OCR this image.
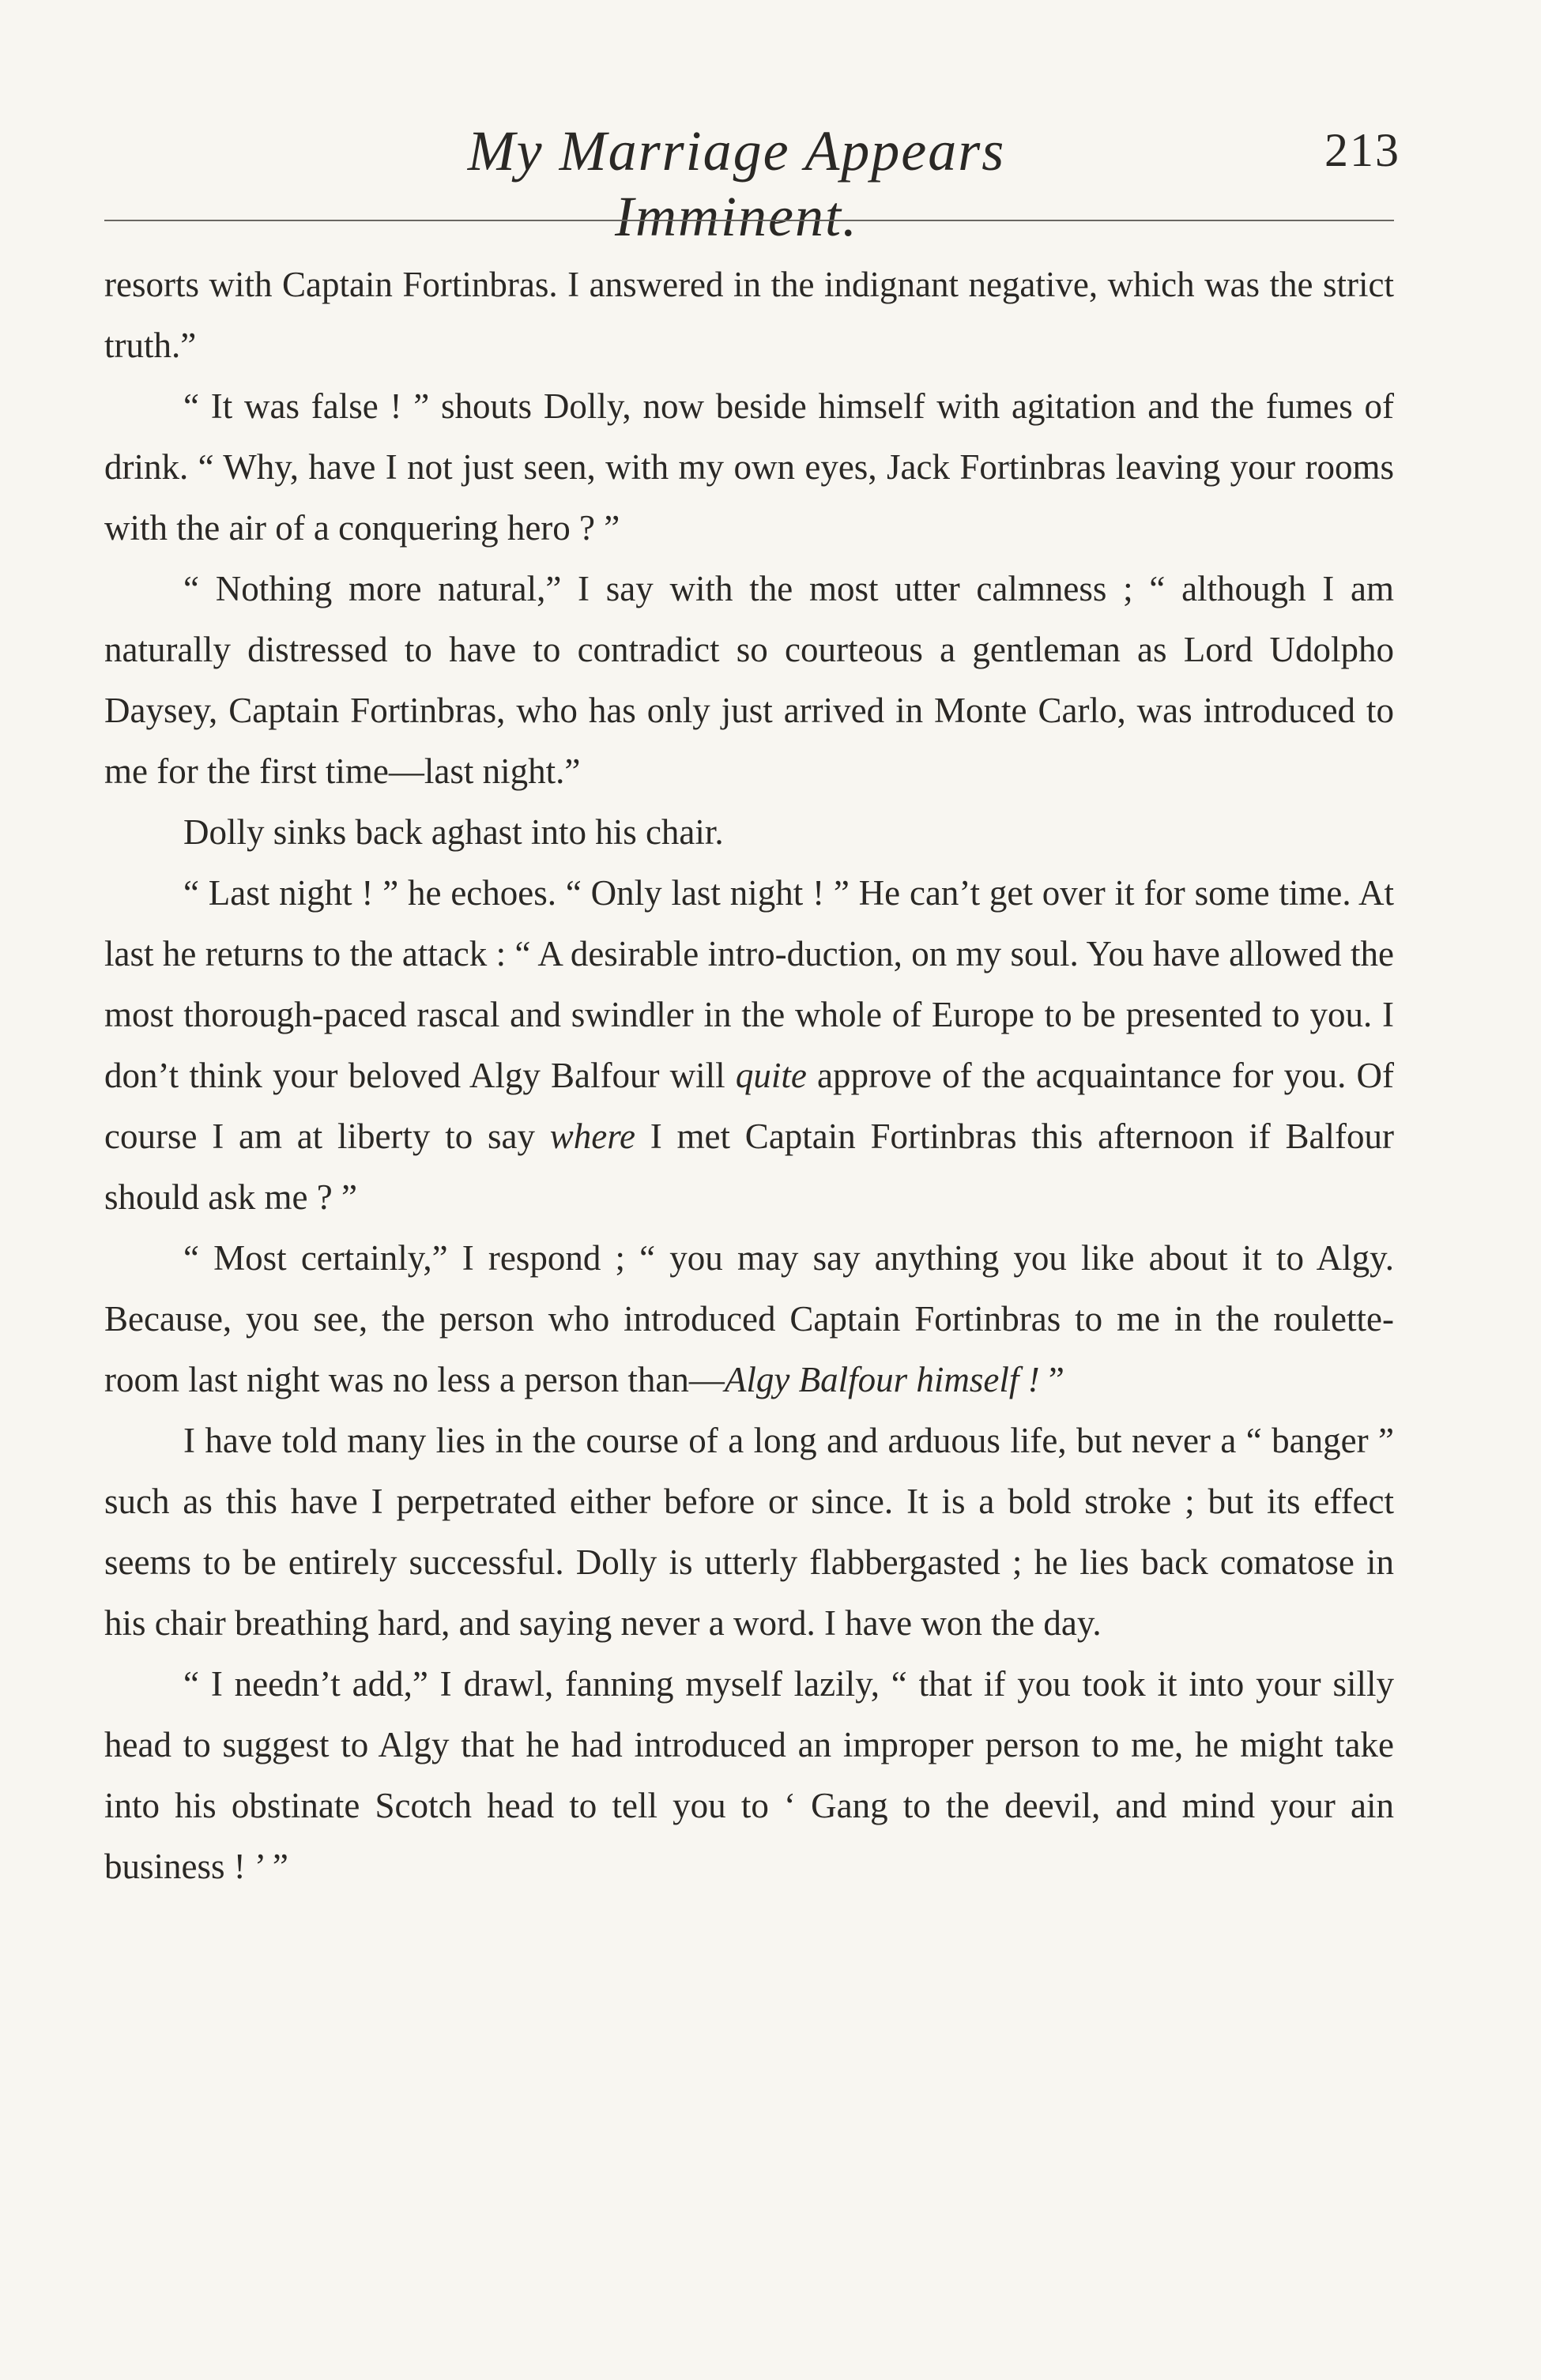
My Marriage Appears Imminent.
213

resorts with Captain Fortinbras. I answered in the indignant negative, which was the strict truth.”

“ It was false ! ” shouts Dolly, now beside himself with agitation and the fumes of drink. “ Why, have I not just seen, with my own eyes, Jack Fortinbras leaving your rooms with the air of a conquering hero ? ”

“ Nothing more natural,” I say with the most utter calmness ; “ although I am naturally distressed to have to contradict so courteous a gentleman as Lord Udolpho Daysey, Captain Fortinbras, who has only just arrived in Monte Carlo, was introduced to me for the first time—last night.”

Dolly sinks back aghast into his chair.

“ Last night ! ” he echoes. “ Only last night ! ” He can’t get over it for some time. At last he returns to the attack : “ A desirable intro-duction, on my soul. You have allowed the most thorough-paced rascal and swindler in the whole of Europe to be presented to you. I don’t think your beloved Algy Balfour will quite approve of the acquaintance for you. Of course I am at liberty to say where I met Captain Fortinbras this afternoon if Balfour should ask me ? ”

“ Most certainly,” I respond ; “ you may say anything you like about it to Algy. Because, you see, the person who introduced Captain Fortinbras to me in the roulette-room last night was no less a person than—Algy Balfour himself ! ”

I have told many lies in the course of a long and arduous life, but never a “ banger ” such as this have I perpetrated either before or since. It is a bold stroke ; but its effect seems to be entirely successful. Dolly is utterly flabbergasted ; he lies back comatose in his chair breathing hard, and saying never a word. I have won the day.

“ I needn’t add,” I drawl, fanning myself lazily, “ that if you took it into your silly head to suggest to Algy that he had introduced an improper person to me, he might take into his obstinate Scotch head to tell you to ‘ Gang to the deevil, and mind your ain business ! ’ ”
